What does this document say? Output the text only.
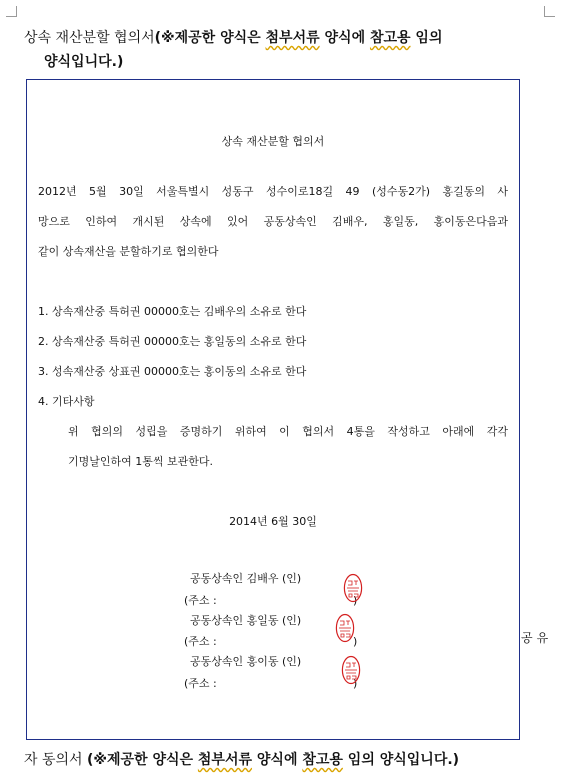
상속 재산분할 협의서(※제공한 양식은 첨부서류 양식에 참고용 임의
양식입니다.)
상속 재산분할 협의서
2012년 5월 30일 서울특별시 성동구 성수이로18길 49 (성수동2가) 홍길동의 사
망으로 인하여 개시된 상속에 있어 공동상속인 김배우, 홍일동, 홍이동은다음과
같이 상속재산을 분할하기로 협의한다
1. 상속재산중 특허권 00000호는 김배우의 소유로 한다
2. 상속재산중 특허권 00000호는 홍일동의 소유로 한다
3. 성속재산중 상표권 00000호는 홍이동의 소유로 한다
4. 기타사항
위 협의의 성립을 증명하기 위하여 이 협의서 4통을 작성하고 아래에 각각
기명날인하여 1통씩 보관한다.
2014년 6월 30일
공동상속인 김배우 (인)
(주소 :	)
공동상속인 홍일동 (인)
(주소 :	)
공동상속인 홍이동 (인)
(주소 :	)
공유
자 동의서 (※제공한 양식은 첨부서류 양식에 참고용 임의 양식입니다.)
